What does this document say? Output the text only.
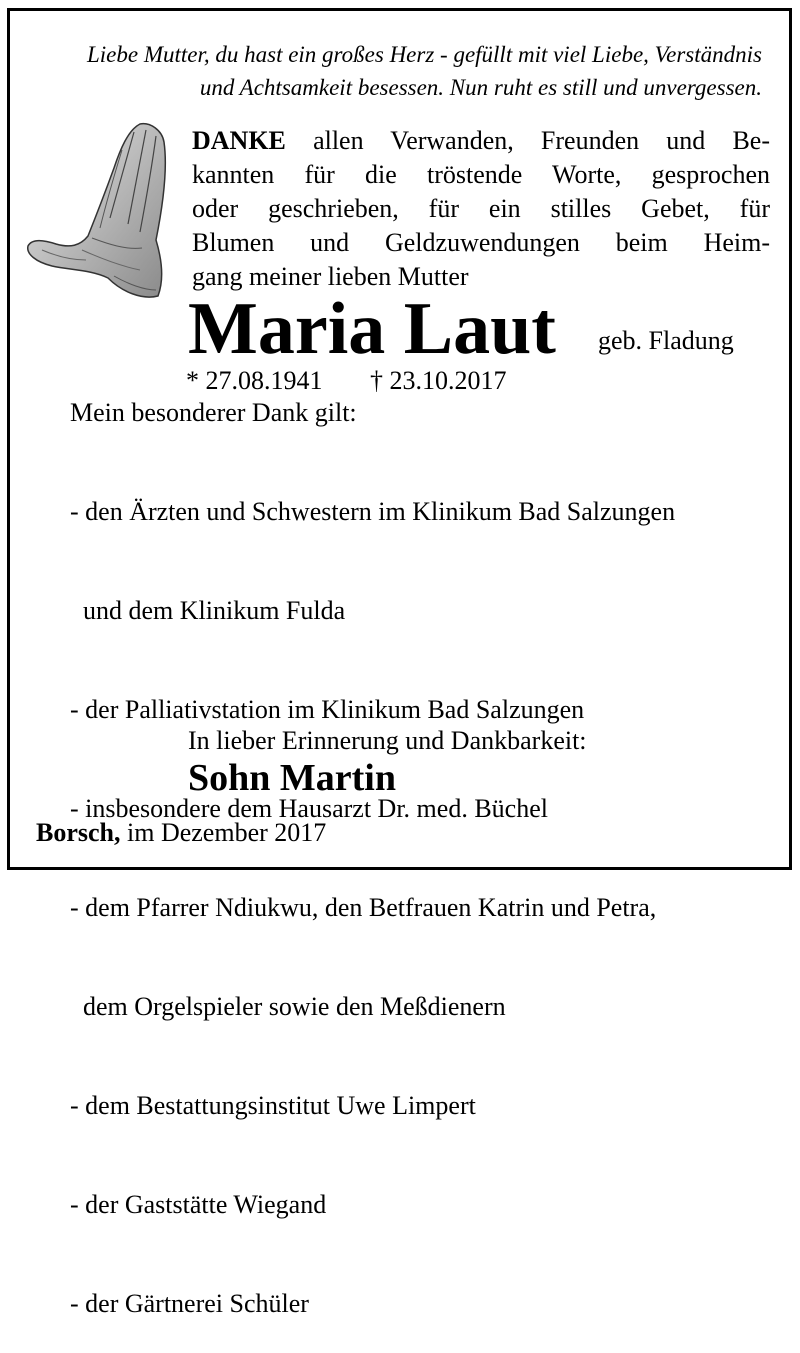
Liebe Mutter, du hast ein großes Herz - gefüllt mit viel Liebe, Verständnis
und Achtsamkeit besessen. Nun ruht es still und unvergessen.
DANKE allen Verwanden, Freunden und Be-
kannten für die tröstende Worte, gesprochen
oder geschrieben, für ein stilles Gebet, für
Blumen und Geldzuwendungen beim Heim-
gang meiner lieben Mutter
Maria Laut geb. Fladung
* 27.08.1941 † 23.10.2017
Mein besonderer Dank gilt:

- den Ärzten und Schwestern im Klinikum Bad Salzungen

und dem Klinikum Fulda

- der Palliativstation im Klinikum Bad Salzungen

- insbesondere dem Hausarzt Dr. med. Büchel

- dem Pfarrer Ndiukwu, den Betfrauen Katrin und Petra,

dem Orgelspieler sowie den Meßdienern

- dem Bestattungsinstitut Uwe Limpert

- der Gaststätte Wiegand

- der Gärtnerei Schüler

In lieber Erinnerung und Dankbarkeit:
Sohn Martin
Borsch, im Dezember 2017
